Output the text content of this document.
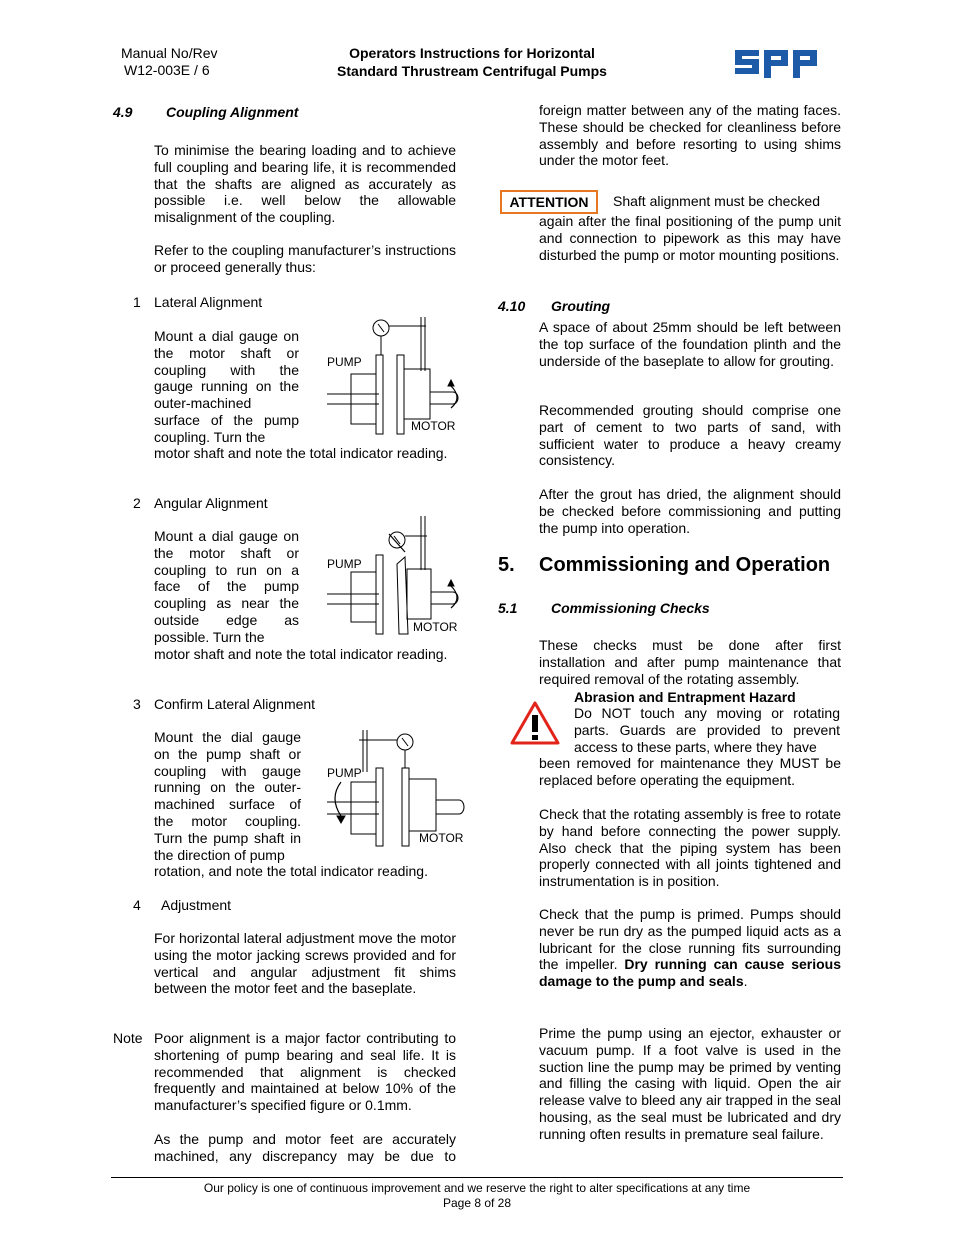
Manual No/Rev
W12-003E / 6
Operators Instructions for Horizontal
Standard Thrustream Centrifugal Pumps
4.9 Coupling Alignment

To minimise the bearing loading and to achieve full coupling and bearing life, it is recommended that the shafts are aligned as accurately as possible i.e. well below the allowable misalignment of the coupling.

Refer to the coupling manufacturer’s instructions or proceed generally thus:

1 Lateral Alignment

Mount a dial gauge on the motor shaft or coupling with the gauge running on the outer-machined surface of the pump coupling. Turn the

motor shaft and note the total indicator reading.

PUMP
MOTOR
2 Angular Alignment

Mount a dial gauge on the motor shaft or coupling to run on a face of the pump coupling as near the outside edge as possible. Turn the

motor shaft and note the total indicator reading.

PUMP
MOTOR
3 Confirm Lateral Alignment

Mount the dial gauge on the pump shaft or coupling with gauge running on the outer-machined surface of the motor coupling. Turn the pump shaft in the direction of pump

rotation, and note the total indicator reading.

PUMP
MOTOR
4 Adjustment

For horizontal lateral adjustment move the motor using the motor jacking screws provided and for vertical and angular adjustment fit shims between the motor feet and the baseplate.

Note Poor alignment is a major factor contributing to shortening of pump bearing and seal life. It is recommended that alignment is checked frequently and maintained at below 10% of the manufacturer’s specified figure or 0.1mm.

As the pump and motor feet are accurately machined, any discrepancy may be due to

foreign matter between any of the mating faces. These should be checked for cleanliness before assembly and before resorting to using shims under the motor feet.

ATTENTION	Shaft alignment must be checked

again after the final positioning of the pump unit and connection to pipework as this may have disturbed the pump or motor mounting positions.

4.10 Grouting

A space of about 25mm should be left between the top surface of the foundation plinth and the underside of the baseplate to allow for grouting.

Recommended grouting should comprise one part of cement to two parts of sand, with sufficient water to produce a heavy creamy consistency.

After the grout has dried, the alignment should be checked before commissioning and putting the pump into operation.

5. Commissioning and Operation
5.1 Commissioning Checks

These checks must be done after first installation and after pump maintenance that required removal of the rotating assembly.

Abrasion and Entrapment Hazard

Do NOT touch any moving or rotating parts. Guards are provided to prevent access to these parts, where they have

been removed for maintenance they MUST be replaced before operating the equipment.

Check that the rotating assembly is free to rotate by hand before connecting the power supply. Also check that the piping system has been properly connected with all joints tightened and instrumentation is in position.

Check that the pump is primed. Pumps should never be run dry as the pumped liquid acts as a lubricant for the close running fits surrounding the impeller. Dry running can cause serious damage to the pump and seals.

Prime the pump using an ejector, exhauster or vacuum pump. If a foot valve is used in the suction line the pump may be primed by venting and filling the casing with liquid. Open the air release valve to bleed any air trapped in the seal housing, as the seal must be lubricated and dry running often results in premature seal failure.

Our policy is one of continuous improvement and we reserve the right to alter specifications at any time
Page 8 of 28
